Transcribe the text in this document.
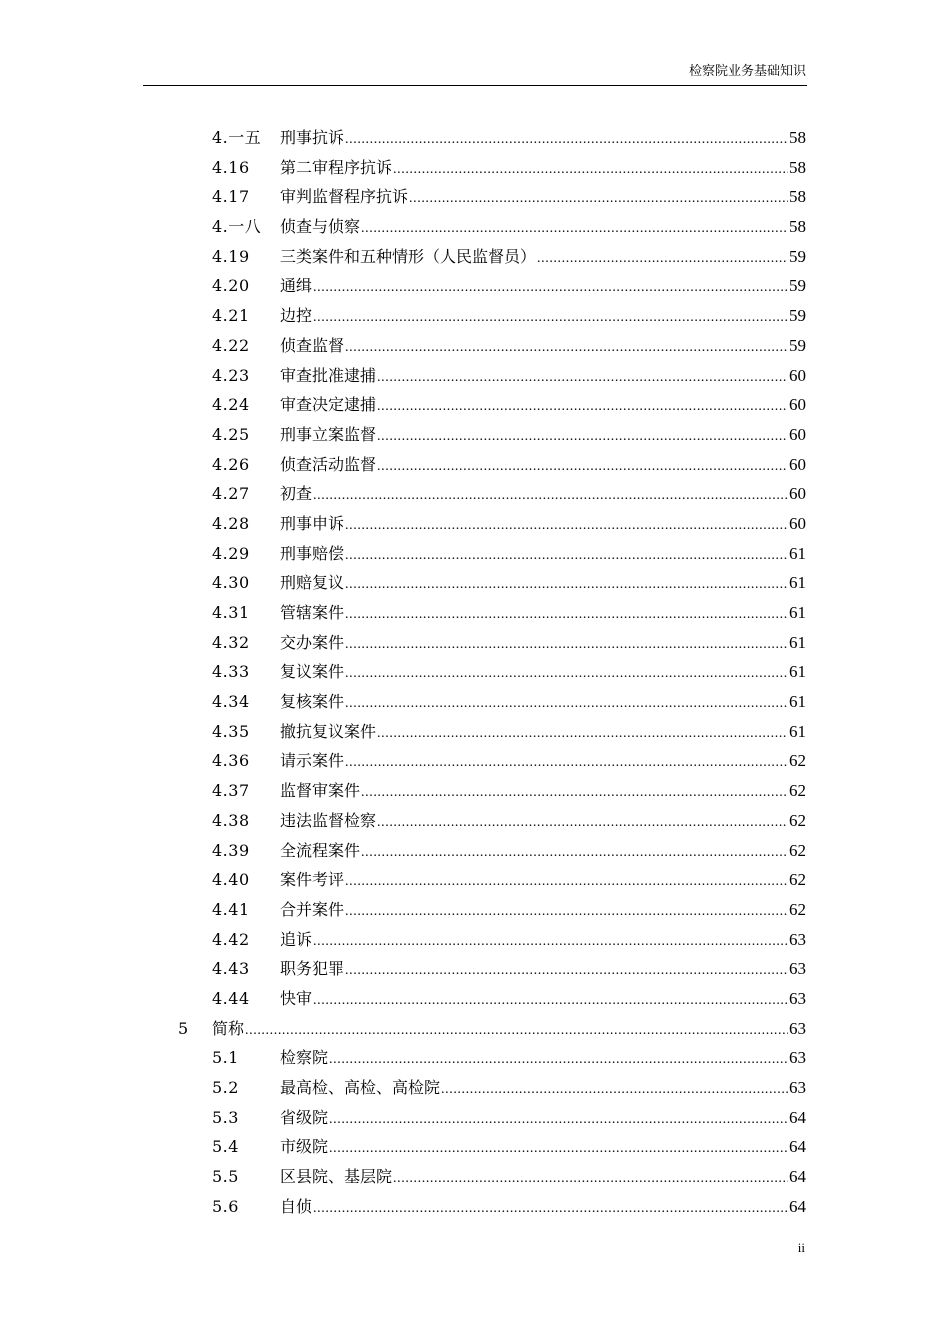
检察院业务基础知识
4.一五 刑事抗诉 .....	58
4.16 第二审程序抗诉 .....	58
4.17 审判监督程序抗诉 .....	58
4.一八 侦查与侦察 .....	58
4.19 三类案件和五种情形（人民监督员） .....	59
4.20 通缉 .....	59
4.21 边控 .....	59
4.22 侦查监督 .....	59
4.23 审查批准逮捕 .....	60
4.24 审查决定逮捕 .....	60
4.25 刑事立案监督 .....	60
4.26 侦查活动监督 .....	60
4.27 初查 .....	60
4.28 刑事申诉 .....	60
4.29 刑事赔偿 .....	61
4.30 刑赔复议 .....	61
4.31 管辖案件 .....	61
4.32 交办案件 .....	61
4.33 复议案件 .....	61
4.34 复核案件 .....	61
4.35 撤抗复议案件 .....	61
4.36 请示案件 .....	62
4.37 监督审案件 .....	62
4.38 违法监督检察 .....	62
4.39 全流程案件 .....	62
4.40 案件考评 .....	62
4.41 合并案件 .....	62
4.42 追诉 .....	63
4.43 职务犯罪 .....	63
4.44 快审 .....	63
5 简称 .....	63
5.1	检察院 .....	63
5.2	最高检、高检、高检院 .....	63
5.3	省级院 .....	64
5.4	市级院 .....	64
5.5	区县院、基层院 .....	64
5.6	自侦 .....	64
ii
